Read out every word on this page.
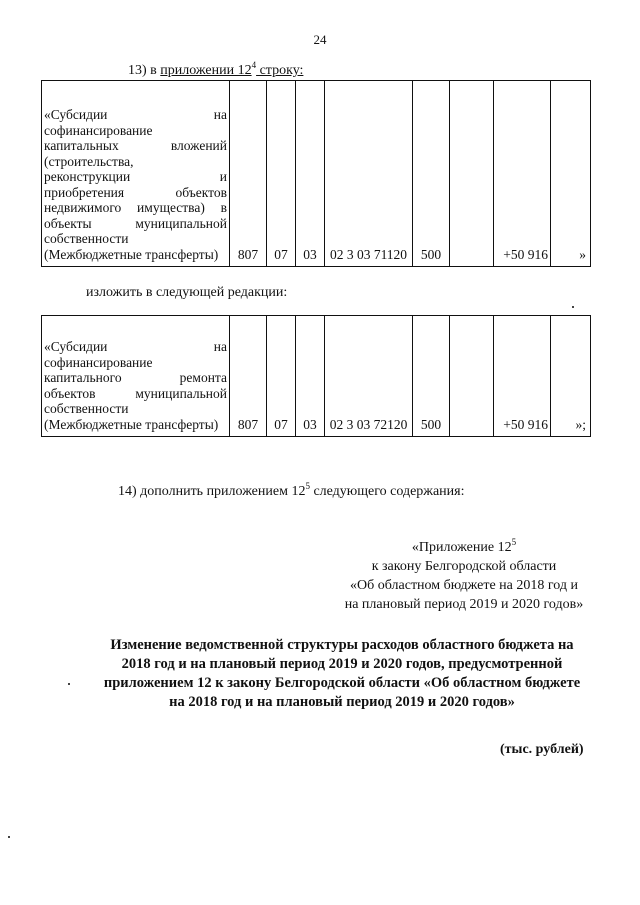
24
13) в приложении $12^4$ строку:
«Субсидии	на
софинансирование
капитальных	вложений
(строительства,
реконструкции	и
приобретения	объектов
недвижимого имущества) в
объекты	муниципальной
собственности
(Межбюджетные трансферты)	807	07	03	02 3 03 71120	500		+50 916	»
изложить в следующей редакции:
«Субсидии	на
софинансирование
капитального	ремонта
объектов	муниципальной
собственности
(Межбюджетные трансферты)	807	07	03	02 3 03 72120	500		+50 916	»;
14) дополнить приложением $12^5$ следующего содержания:
«Приложение $12^5$
к закону Белгородской области
«Об областном бюджете на 2018 год и
на плановый период 2019 и 2020 годов»
Изменение ведомственной структуры расходов областного бюджета на
2018 год и на плановый период 2019 и 2020 годов, предусмотренной
приложением 12 к закону Белгородской области «Об областном бюджете
на 2018 год и на плановый период 2019 и 2020 годов»
(тыс. рублей)
